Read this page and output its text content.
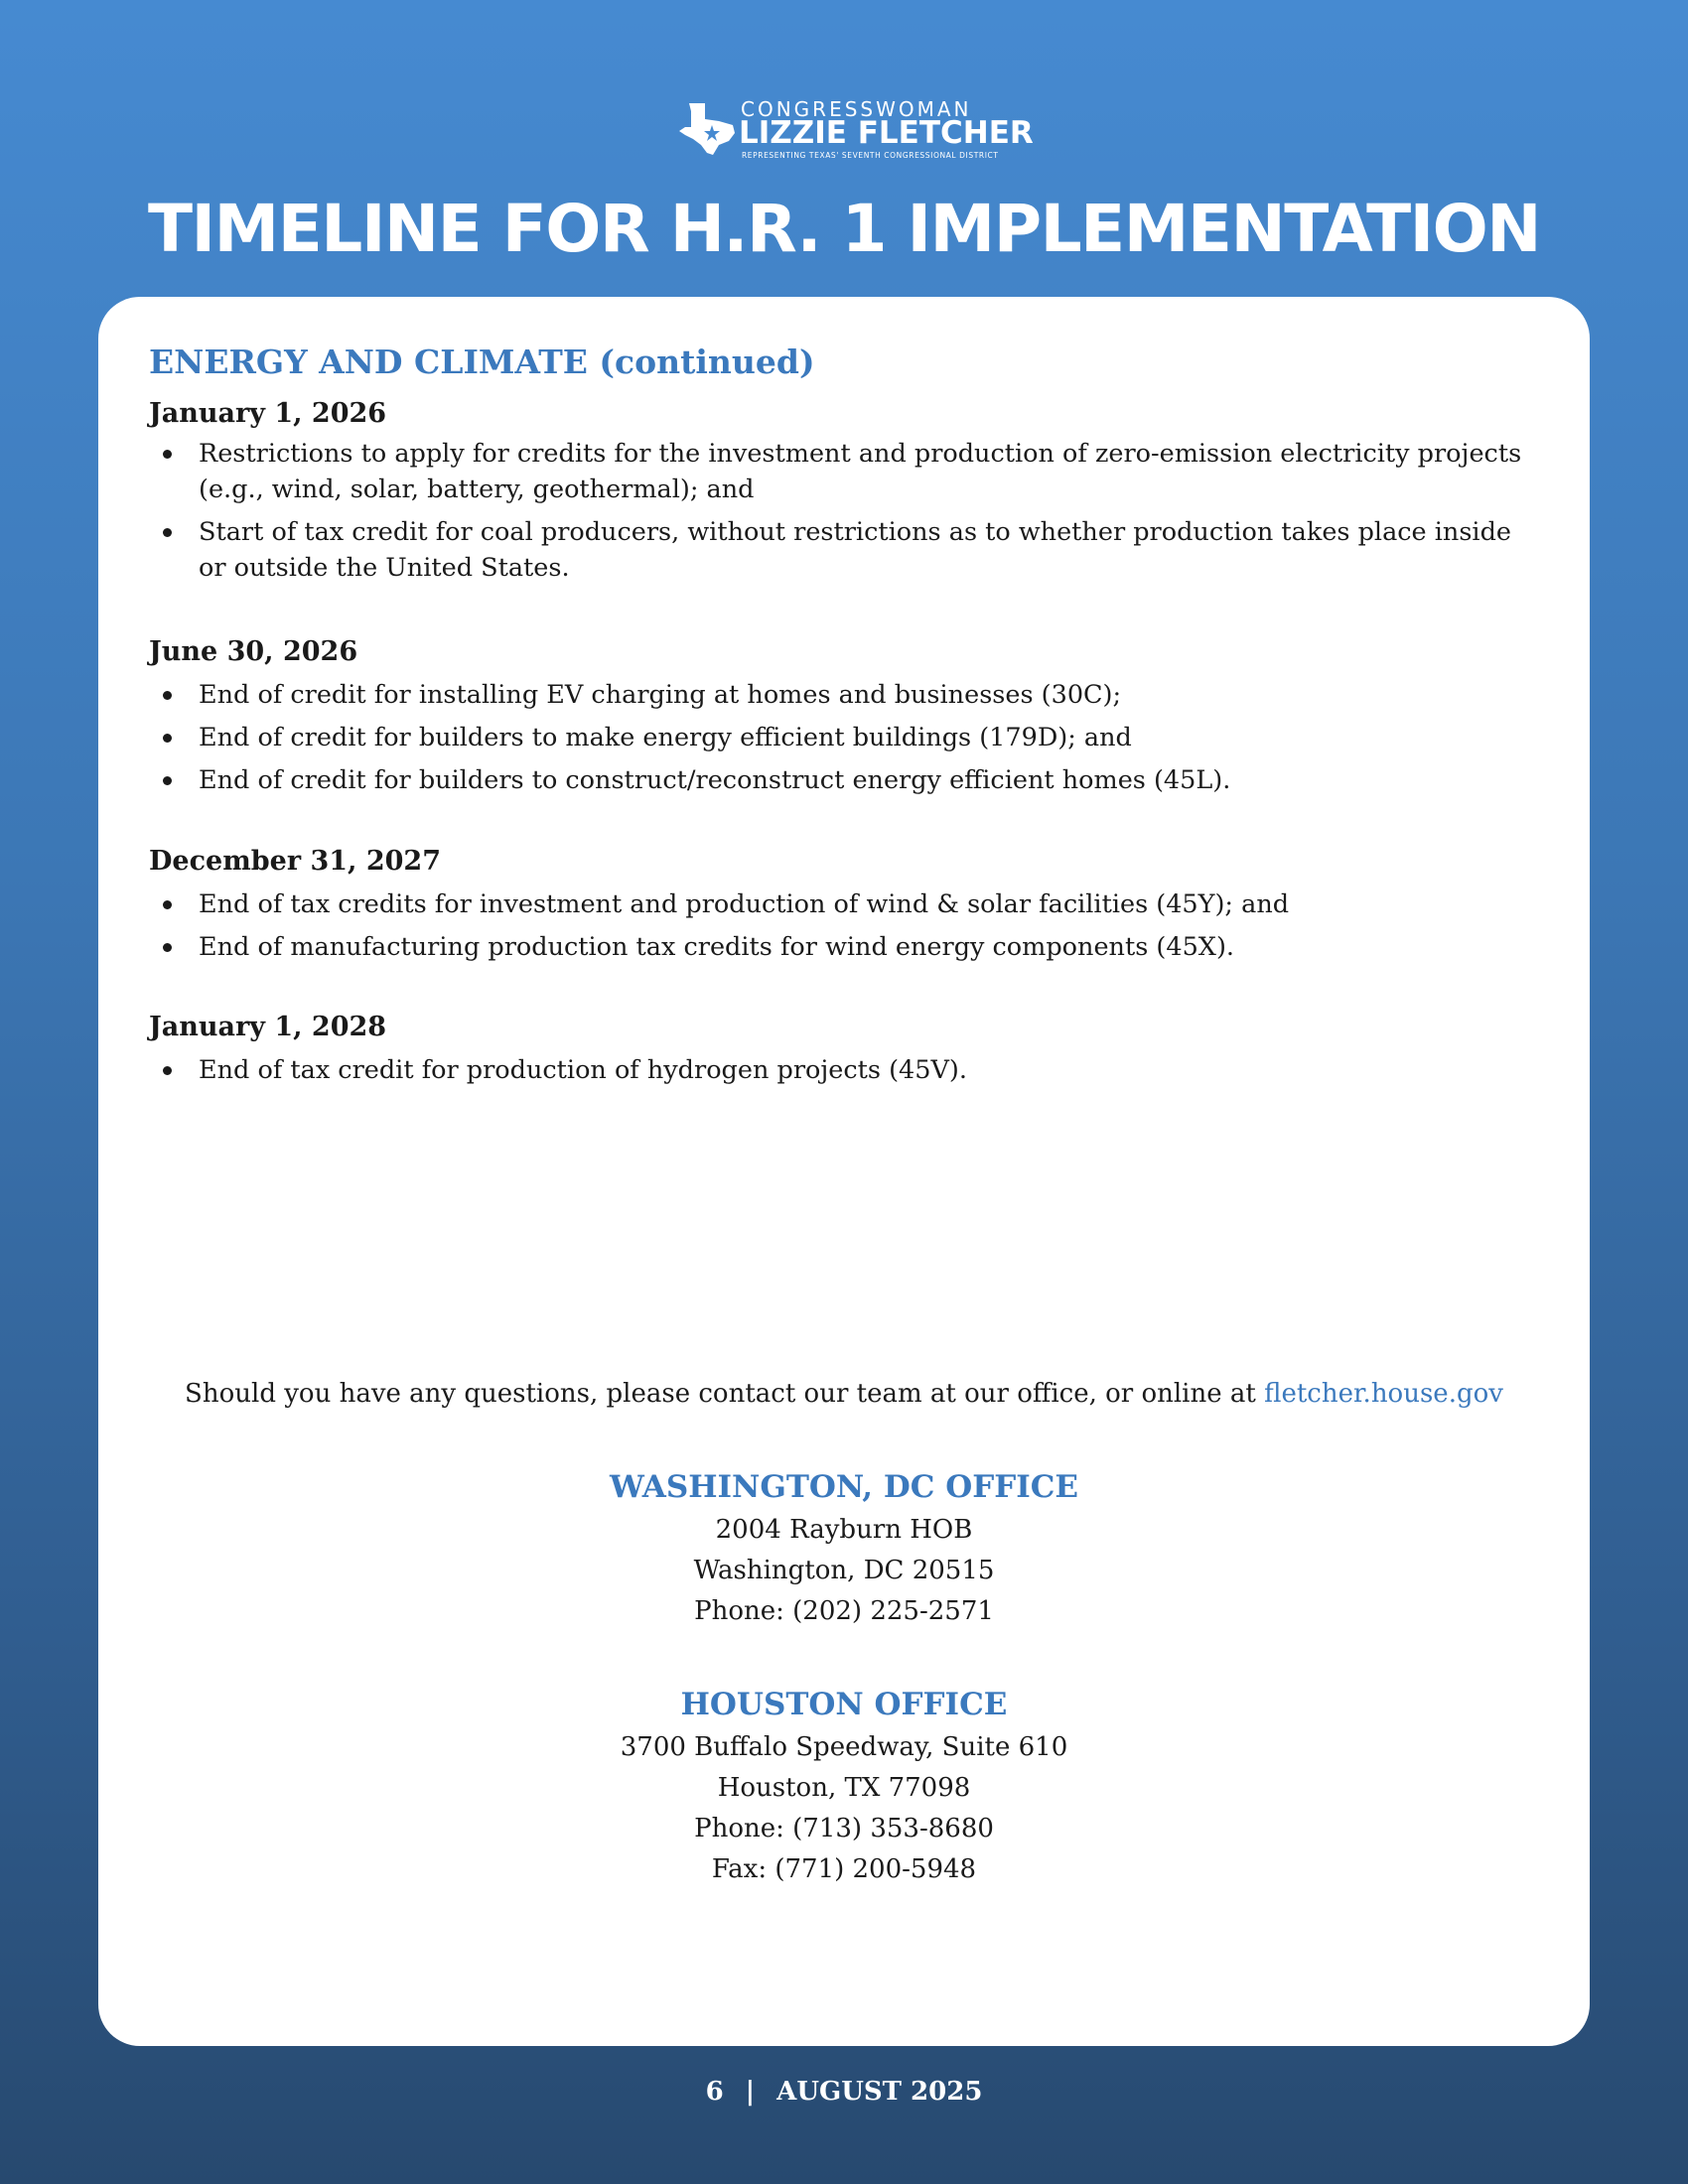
CONGRESSWOMAN
LIZZIE FLETCHER
REPRESENTING TEXAS' SEVENTH CONGRESSIONAL DISTRICT
TIMELINE FOR H.R. 1 IMPLEMENTATION
ENERGY AND CLIMATE (continued)
January 1, 2026
Restrictions to apply for credits for the investment and production of zero-emission electricity projects (e.g., wind, solar, battery, geothermal); and
Start of tax credit for coal producers, without restrictions as to whether production takes place inside or outside the United States.
June 30, 2026
End of credit for installing EV charging at homes and businesses (30C);
End of credit for builders to make energy efficient buildings (179D); and
End of credit for builders to construct/reconstruct energy efficient homes (45L).
December 31, 2027
End of tax credits for investment and production of wind & solar facilities (45Y); and
End of manufacturing production tax credits for wind energy components (45X).
January 1, 2028
End of tax credit for production of hydrogen projects (45V).
Should you have any questions, please contact our team at our office, or online at fletcher.house.gov
WASHINGTON, DC OFFICE
2004 Rayburn HOB
Washington, DC 20515
Phone: (202) 225-2571
HOUSTON OFFICE
3700 Buffalo Speedway, Suite 610
Houston, TX 77098
Phone: (713) 353-8680
Fax: (771) 200-5948
6 | AUGUST 2025
